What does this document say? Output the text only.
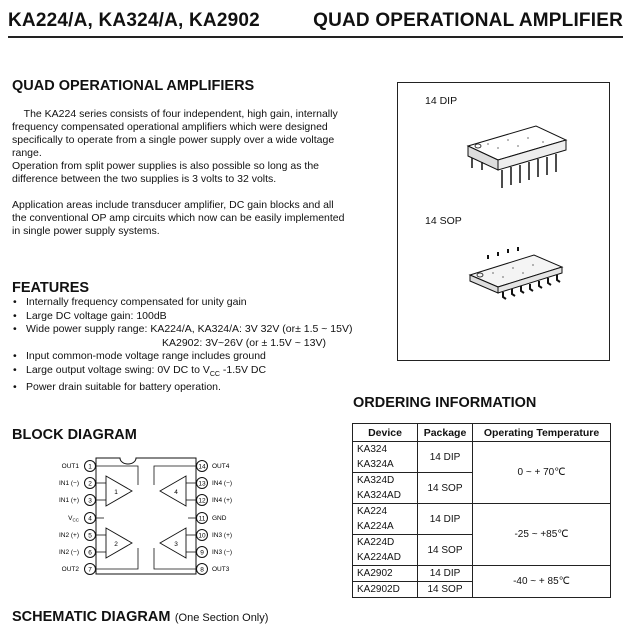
KA224/A, KA324/A, KA2902	QUAD OPERATIONAL AMPLIFIER
QUAD OPERATIONAL AMPLIFIERS
The KA224 series consists of four independent, high gain, internally
frequency compensated operational amplifiers which were designed
specifically to operate from a single power supply over a wide voltage
range.
Operation from split power supplies is also possible so long as the
difference between the two supplies is 3 volts to 32 volts.
Application areas include transducer amplifier, DC gain blocks and all
the conventional OP amp circuits which now can be easily implemented
in single power supply systems.
14 DIP
14 SOP
FEATURES
• Internally frequency compensated for unity gain
• Large DC voltage gain: 100dB
• Wide power supply range: KA224/A, KA324/A: 3V 32V (or± 1.5 ~ 15V)
KA2902: 3V~26V (or ± 1.5V ~ 13V)
• Input common-mode voltage range includes ground
• Large output voltage swing: 0V DC to $V_{CC}$ -1.5V DC
• Power drain suitable for battery operation.
ORDERING INFORMATION
Device	Package	Operating Temperature
KA324	14 DIP	0 ~ + 70℃
KA324A		
KA324D	14 SOP	
KA324AD		
KA224	14 DIP	-25 ~ +85℃
KA224A		
KA224D	14 SOP	
KA224AD		
KA2902	14 DIP	-40 ~ + 85℃
KA2902D	14 SOP	
BLOCK DIAGRAM
1
2
3
4
5
6
7
14
13
12
11
10
9
8
OUT1
IN1 (−)
IN1 (+)
$V_{CC}$
IN2 (+)
IN2 (−)
OUT2
OUT4
IN4 (−)
IN4 (+)
GND
IN3 (+)
IN3 (−)
OUT3
1	4
2	3
SCHEMATIC DIAGRAM (One Section Only)
